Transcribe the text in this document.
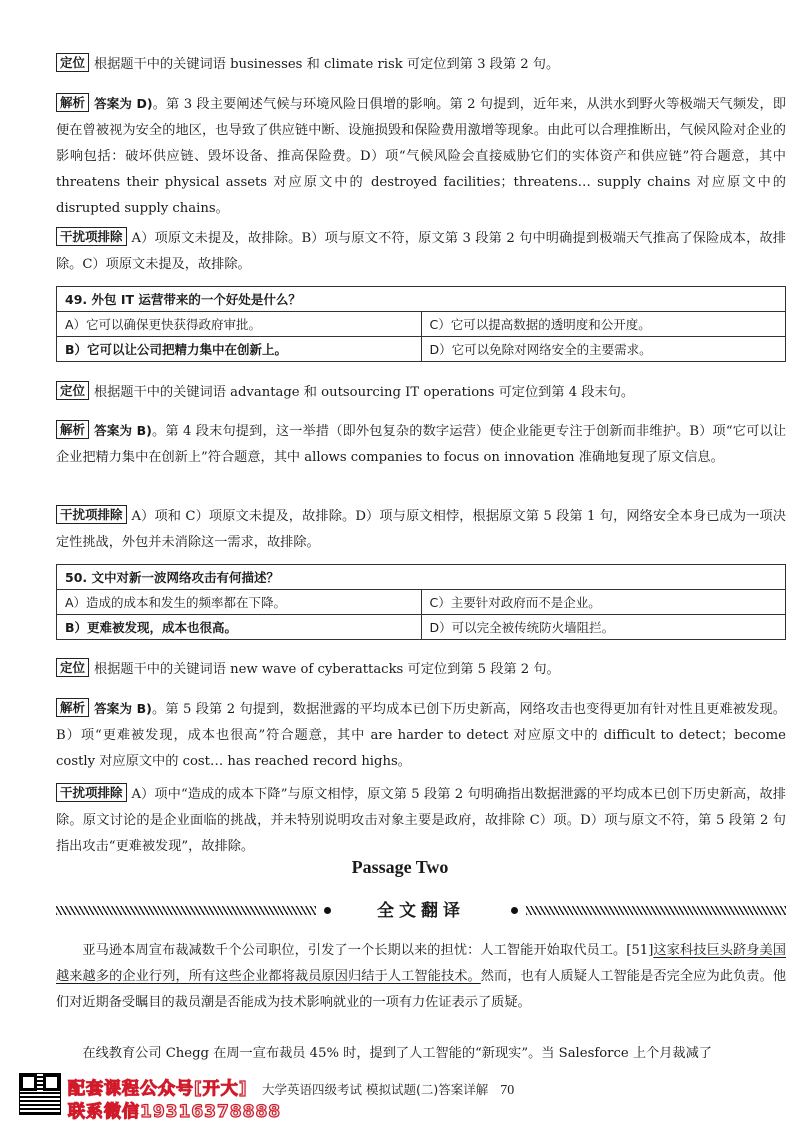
定位 根据题干中的关键词语 businesses 和 climate risk 可定位到第 3 段第 2 句。

解析 答案为 D)。第 3 段主要阐述气候与环境风险日俱增的影响。第 2 句提到，近年来，从洪水到野火等极端天气频发，即便在曾被视为安全的地区，也导致了供应链中断、设施损毁和保险费用激增等现象。由此可以合理推断出，气候风险对企业的影响包括：破坏供应链、毁坏设备、推高保险费。D）项“气候风险会直接威胁它们的实体资产和供应链”符合题意，其中 threatens their physical assets 对应原文中的 destroyed facilities；threatens… supply chains 对应原文中的 disrupted supply chains。

干扰项排除 A）项原文未提及，故排除。B）项与原文不符，原文第 3 段第 2 句中明确提到极端天气推高了保险成本，故排除。C）项原文未提及，故排除。

49. 外包 IT 运营带来的一个好处是什么？	
A）它可以确保更快获得政府审批。	C）它可以提高数据的透明度和公开度。
B）它可以让公司把精力集中在创新上。	D）它可以免除对网络安全的主要需求。

定位 根据题干中的关键词语 advantage 和 outsourcing IT operations 可定位到第 4 段末句。

解析 答案为 B)。第 4 段末句提到，这一举措（即外包复杂的数字运营）使企业能更专注于创新而非维护。B）项“它可以让企业把精力集中在创新上”符合题意，其中 allows companies to focus on innovation 准确地复现了原文信息。

干扰项排除 A）项和 C）项原文未提及，故排除。D）项与原文相悖，根据原文第 5 段第 1 句，网络安全本身已成为一项决定性挑战，外包并未消除这一需求，故排除。

50. 文中对新一波网络攻击有何描述？	
A）造成的成本和发生的频率都在下降。	C）主要针对政府而不是企业。
B）更难被发现，成本也很高。	D）可以完全被传统防火墙阻拦。

定位 根据题干中的关键词语 new wave of cyberattacks 可定位到第 5 段第 2 句。

解析 答案为 B)。第 5 段第 2 句提到，数据泄露的平均成本已创下历史新高，网络攻击也变得更加有针对性且更难被发现。B）项“更难被发现，成本也很高”符合题意，其中 are harder to detect 对应原文中的 difficult to detect；become costly 对应原文中的 cost… has reached record highs。

干扰项排除 A）项中“造成的成本下降”与原文相悖，原文第 5 段第 2 句明确指出数据泄露的平均成本已创下历史新高，故排除。原文讨论的是企业面临的挑战，并未特别说明攻击对象主要是政府，故排除 C）项。D）项与原文不符，第 5 段第 2 句指出攻击“更难被发现”，故排除。

Passage Two
全文翻译

亚马逊本周宣布裁减数千个公司职位，引发了一个长期以来的担忧：人工智能开始取代员工。[51]这家科技巨头跻身美国越来越多的企业行列，所有这些企业都将裁员原因归结于人工智能技术。然而，也有人质疑人工智能是否完全应为此负责。他们对近期备受瞩目的裁员潮是否能成为技术影响就业的一项有力佐证表示了质疑。

在线教育公司 Chegg 在周一宣布裁员 45% 时，提到了人工智能的“新现实”。当 Salesforce 上个月裁减了

配套课程公众号[开大]
联系微信19316378888
大学英语四级考试 模拟试题(二)答案详解 70
